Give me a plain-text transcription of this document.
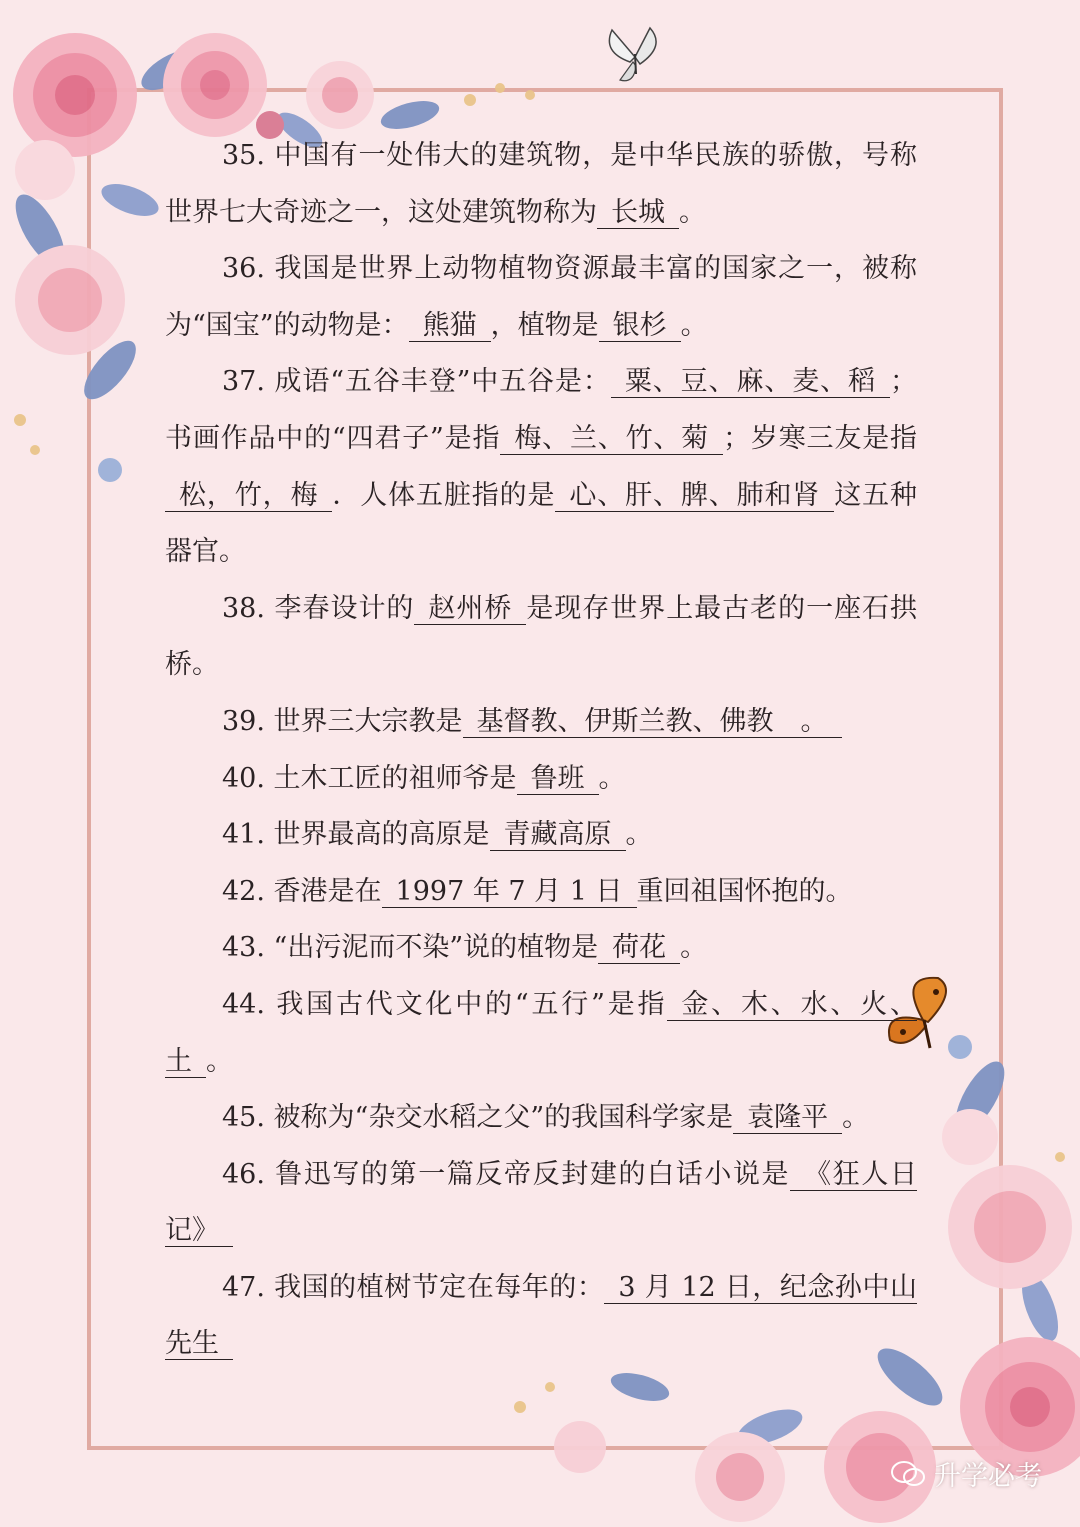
35. 中国有一处伟大的建筑物，是中华民族的骄傲，号称世界七大奇迹之一，这处建筑物称为 长城 。

36. 我国是世界上动物植物资源最丰富的国家之一，被称为“国宝”的动物是： 熊猫 ，植物是 银杉 。

37. 成语“五谷丰登”中五谷是： 粟、豆、麻、麦、稻 ；书画作品中的“四君子”是指 梅、兰、竹、菊 ；岁寒三友是指松，竹，梅 ．人体五脏指的是 心、肝、脾、肺和肾 这五种器官。

38. 李春设计的 赵州桥 是现存世界上最古老的一座石拱桥。

39. 世界三大宗教是 基督教、伊斯兰教、佛教　。

40. 土木工匠的祖师爷是 鲁班 。

41. 世界最高的高原是 青藏高原 。

42. 香港是在 1997 年 7 月 1 日 重回祖国怀抱的。

43. “出污泥而不染”说的植物是 荷花 。

44. 我国古代文化中的“五行”是指 金、木、水、火、土 。

45. 被称为“杂交水稻之父”的我国科学家是 袁隆平 。

46. 鲁迅写的第一篇反帝反封建的白话小说是 《狂人日记》

47. 我国的植树节定在每年的： 3 月 12 日，纪念孙中山先生

升学必考
